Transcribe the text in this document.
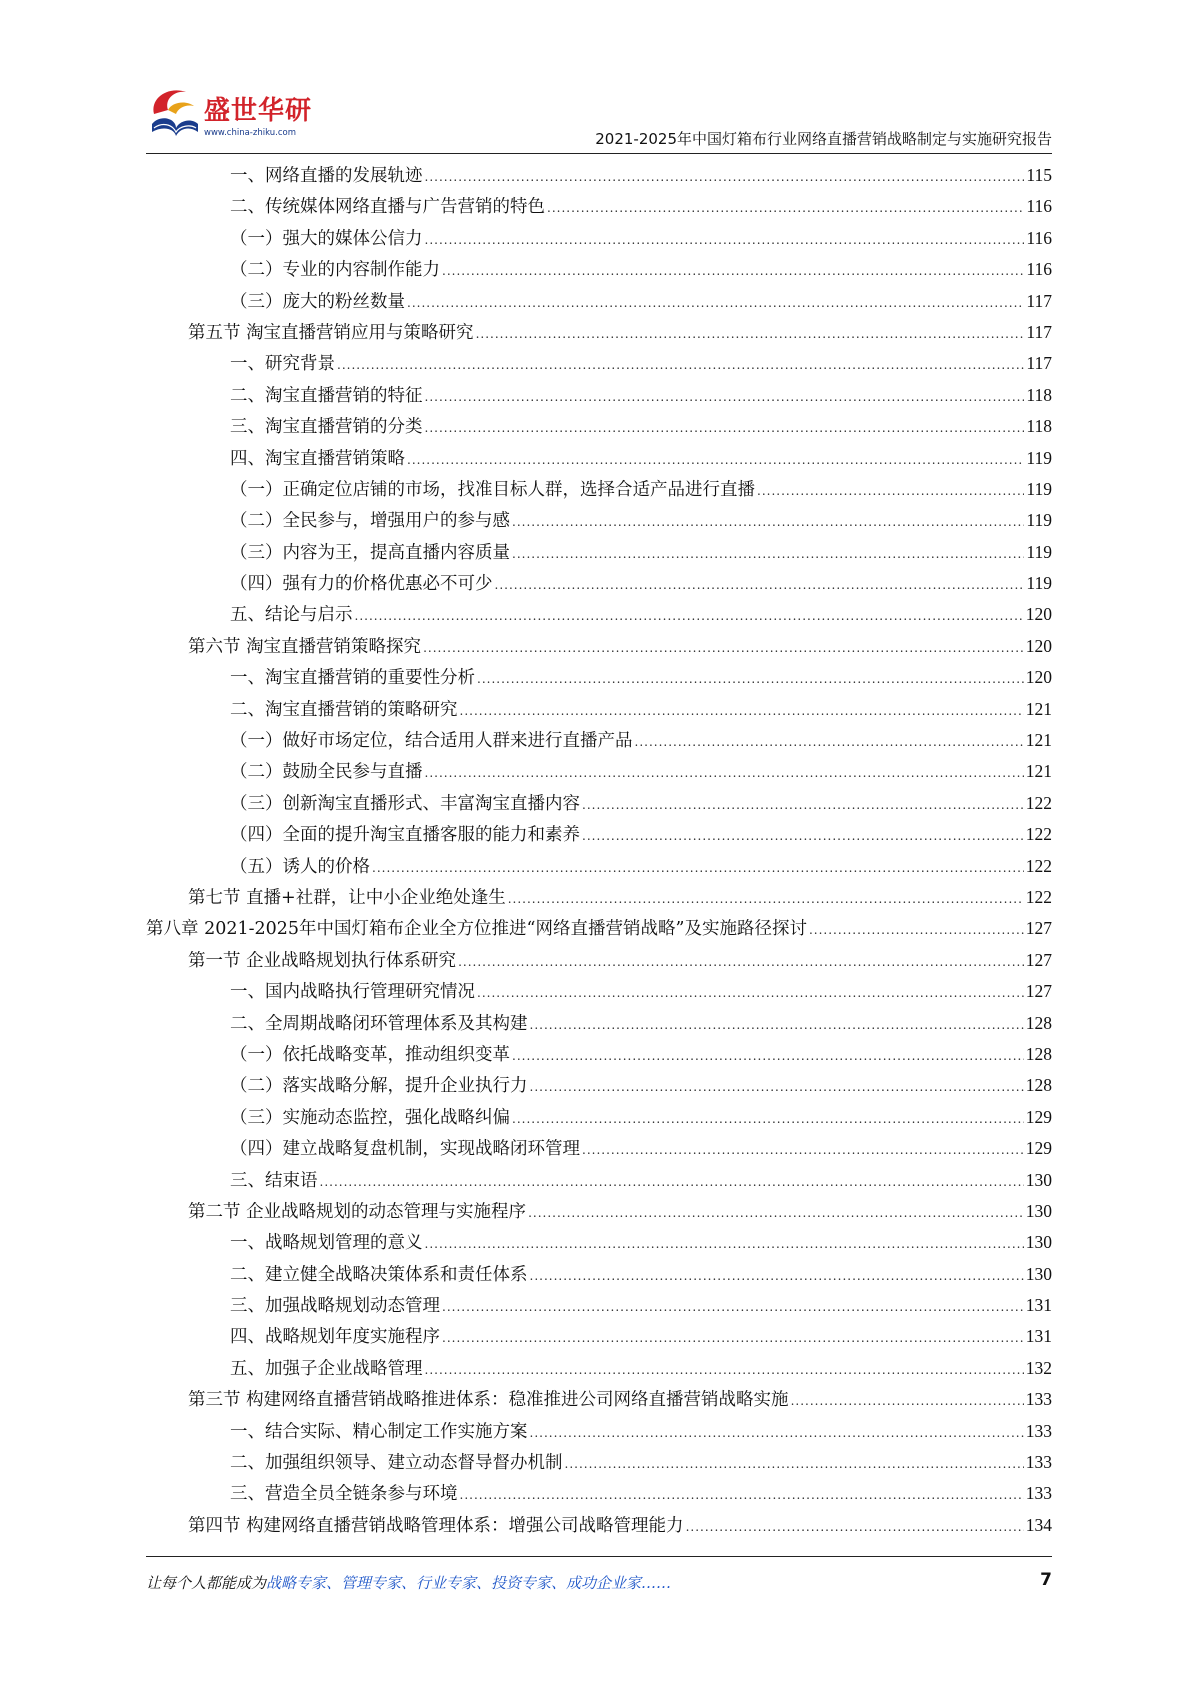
盛世华研
www.china-zhiku.com	2021-2025年中国灯箱布行业网络直播营销战略制定与实施研究报告
一、网络直播的发展轨迹 .....	115
二、传统媒体网络直播与广告营销的特色 .....	116
（一）强大的媒体公信力 .....	116
（二）专业的内容制作能力 .....	116
（三）庞大的粉丝数量 .....	117
第五节 淘宝直播营销应用与策略研究 .....	117
一、研究背景 .....	117
二、淘宝直播营销的特征 .....	118
三、淘宝直播营销的分类 .....	118
四、淘宝直播营销策略 .....	119
（一）正确定位店铺的市场，找准目标人群，选择合适产品进行直播 .....	119
（二）全民参与，增强用户的参与感 .....	119
（三）内容为王，提高直播内容质量 .....	119
（四）强有力的价格优惠必不可少 .....	119
五、结论与启示 .....	120
第六节 淘宝直播营销策略探究 .....	120
一、淘宝直播营销的重要性分析 .....	120
二、淘宝直播营销的策略研究 .....	121
（一）做好市场定位，结合适用人群来进行直播产品 .....	121
（二）鼓励全民参与直播 .....	121
（三）创新淘宝直播形式、丰富淘宝直播内容 .....	122
（四）全面的提升淘宝直播客服的能力和素养 .....	122
（五）诱人的价格 .....	122
第七节 直播+社群，让中小企业绝处逢生 .....	122
第八章 2021-2025年中国灯箱布企业全方位推进“网络直播营销战略”及实施路径探讨 .....	127
第一节 企业战略规划执行体系研究 .....	127
一、国内战略执行管理研究情况 .....	127
二、全周期战略闭环管理体系及其构建 .....	128
（一）依托战略变革，推动组织变革 .....	128
（二）落实战略分解，提升企业执行力 .....	128
（三）实施动态监控，强化战略纠偏 .....	129
（四）建立战略复盘机制，实现战略闭环管理 .....	129
三、结束语 .....	130
第二节 企业战略规划的动态管理与实施程序 .....	130
一、战略规划管理的意义 .....	130
二、建立健全战略决策体系和责任体系 .....	130
三、加强战略规划动态管理 .....	131
四、战略规划年度实施程序 .....	131
五、加强子企业战略管理 .....	132
第三节 构建网络直播营销战略推进体系：稳准推进公司网络直播营销战略实施 .....	133
一、结合实际、精心制定工作实施方案 .....	133
二、加强组织领导、建立动态督导督办机制 .....	133
三、营造全员全链条参与环境 .....	133
第四节 构建网络直播营销战略管理体系：增强公司战略管理能力 .....	134
让每个人都能成为战略专家、管理专家、行业专家、投资专家、成功企业家……	7
